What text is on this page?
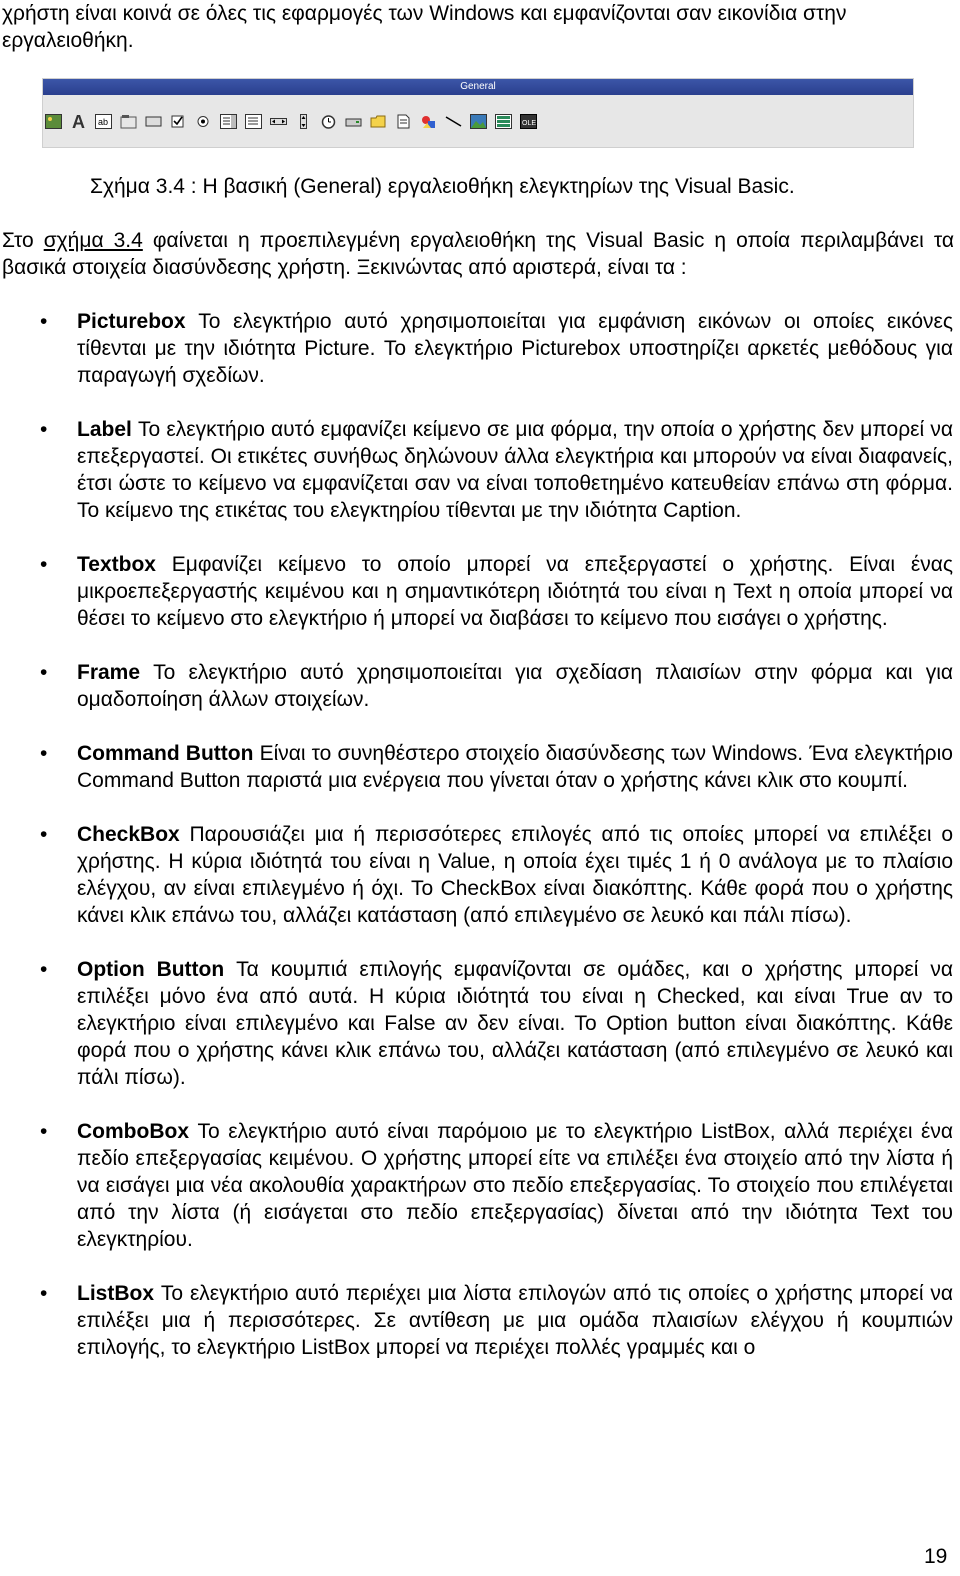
χρήστη είναι κοινά σε όλες τις εφαρμογές των Windows και εμφανίζονται σαν εικονίδια στην εργαλειοθήκη.
General
A ab	OLE
Σχήμα 3.4 : Η βασική (General) εργαλειοθήκη ελεγκτηρίων της Visual Basic.
Στο σχήμα 3.4 φαίνεται η προεπιλεγμένη εργαλειοθήκη της Visual Basic η οποία περιλαμβάνει τα βασικά στοιχεία διασύνδεσης χρήστη. Ξεκινώντας από αριστερά, είναι τα :
• Picturebox Το ελεγκτήριο αυτό χρησιμοποιείται για εμφάνιση εικόνων οι οποίες εικόνες τίθενται με την ιδιότητα Picture. Το ελεγκτήριο Picturebox υποστηρίζει αρκετές μεθόδους για παραγωγή σχεδίων.
• Label Το ελεγκτήριο αυτό εμφανίζει κείμενο σε μια φόρμα, την οποία ο χρήστης δεν μπορεί να επεξεργαστεί. Οι ετικέτες συνήθως δηλώνουν άλλα ελεγκτήρια και μπορούν να είναι διαφανείς, έτσι ώστε το κείμενο να εμφανίζεται σαν να είναι τοποθετημένο κατευθείαν επάνω στη φόρμα. Το κείμενο της ετικέτας του ελεγκτηρίου τίθενται με την ιδιότητα Caption.
• Textbox Εμφανίζει κείμενο το οποίο μπορεί να επεξεργαστεί ο χρήστης. Είναι ένας μικροεπεξεργαστής κειμένου και η σημαντικότερη ιδιότητά του είναι η Text η οποία μπορεί να θέσει το κείμενο στο ελεγκτήριο ή μπορεί να διαβάσει το κείμενο που εισάγει ο χρήστης.
• Frame Το ελεγκτήριο αυτό χρησιμοποιείται για σχεδίαση πλαισίων στην φόρμα και για ομαδοποίηση άλλων στοιχείων.
• Command Button Είναι το συνηθέστερο στοιχείο διασύνδεσης των Windows. Ένα ελεγκτήριο Command Button παριστά μια ενέργεια που γίνεται όταν ο χρήστης κάνει κλικ στο κουμπί.
• CheckBox Παρουσιάζει μια ή περισσότερες επιλογές από τις οποίες μπορεί να επιλέξει ο χρήστης. Η κύρια ιδιότητά του είναι η Value, η οποία έχει τιμές 1 ή 0 ανάλογα με το πλαίσιο ελέγχου, αν είναι επιλεγμένο ή όχι. Το CheckBox είναι διακόπτης. Κάθε φορά που ο χρήστης κάνει κλικ επάνω του, αλλάζει κατάσταση (από επιλεγμένο σε λευκό και πάλι πίσω).
• Option Button Τα κουμπιά επιλογής εμφανίζονται σε ομάδες, και ο χρήστης μπορεί να επιλέξει μόνο ένα από αυτά. Η κύρια ιδιότητά του είναι η Checked, και είναι True αν το ελεγκτήριο είναι επιλεγμένο και False αν δεν είναι. Το Option button είναι διακόπτης. Κάθε φορά που ο χρήστης κάνει κλικ επάνω του, αλλάζει κατάσταση (από επιλεγμένο σε λευκό και πάλι πίσω).
• ComboBox Το ελεγκτήριο αυτό είναι παρόμοιο με το ελεγκτήριο ListBox, αλλά περιέχει ένα πεδίο επεξεργασίας κειμένου. Ο χρήστης μπορεί είτε να επιλέξει ένα στοιχείο από την λίστα ή να εισάγει μια νέα ακολουθία χαρακτήρων στο πεδίο επεξεργασίας. Το στοιχείο που επιλέγεται από την λίστα (ή εισάγεται στο πεδίο επεξεργασίας) δίνεται από την ιδιότητα Text του ελεγκτηρίου.
• ListBox Το ελεγκτήριο αυτό περιέχει μια λίστα επιλογών από τις οποίες ο χρήστης μπορεί να επιλέξει μια ή περισσότερες. Σε αντίθεση με μια ομάδα πλαισίων ελέγχου ή κουμπιών επιλογής, το ελεγκτήριο ListBox μπορεί να περιέχει πολλές γραμμές και ο
19
